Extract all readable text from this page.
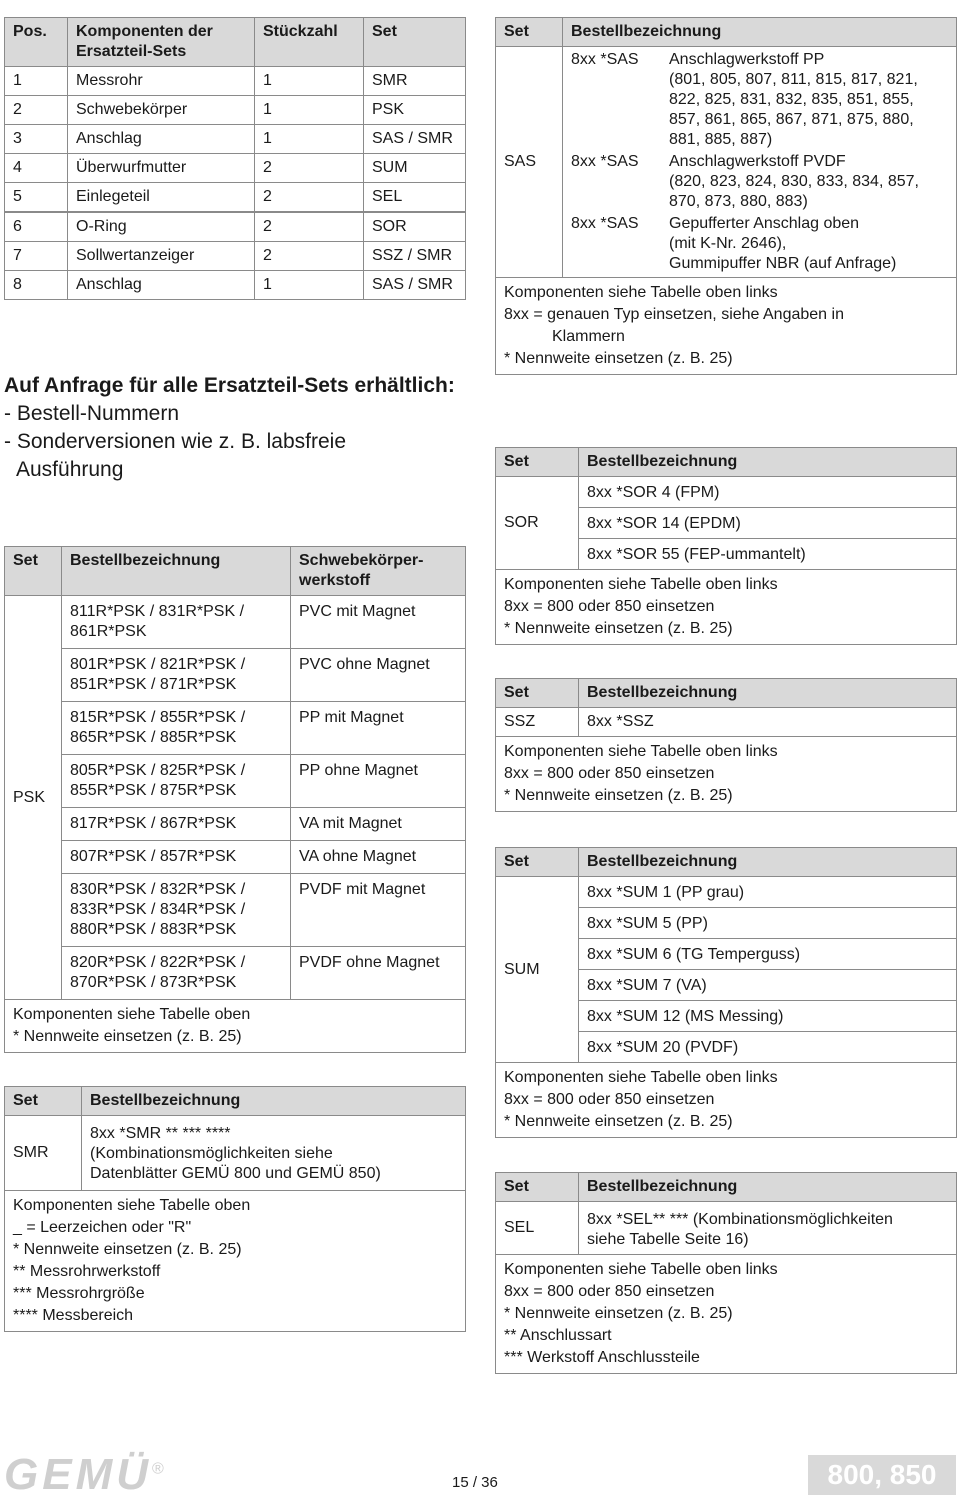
Pos.	Komponenten der Ersatzteil-Sets	Stückzahl	Set
1	Messrohr	1	SMR
2	Schwebekörper	1	PSK
3	Anschlag	1	SAS / SMR
4	Überwurfmutter	2	SUM
5	Einlegeteil	2	SEL
6	O-Ring	2	SOR
7	Sollwertanzeiger	2	SSZ / SMR
8	Anschlag	1	SAS / SMR
Auf Anfrage für alle Ersatzteil-Sets erhältlich:
- Bestell-Nummern
- Sonderversionen wie z. B. labsfreie
Ausführung
Set	Bestellbezeichnung	Schwebekörper-werkstoff
PSK	811R*PSK / 831R*PSK / 861R*PSK	PVC mit Magnet
	801R*PSK / 821R*PSK / 851R*PSK / 871R*PSK	PVC ohne Magnet
	815R*PSK / 855R*PSK / 865R*PSK / 885R*PSK	PP mit Magnet
	805R*PSK / 825R*PSK / 855R*PSK / 875R*PSK	PP ohne Magnet
	817R*PSK / 867R*PSK	VA mit Magnet
	807R*PSK / 857R*PSK	VA ohne Magnet
	830R*PSK / 832R*PSK / 833R*PSK / 834R*PSK / 880R*PSK / 883R*PSK	PVDF mit Magnet
	820R*PSK / 822R*PSK / 870R*PSK / 873R*PSK	PVDF ohne Magnet
Komponenten siehe Tabelle oben
* Nennweite einsetzen (z. B. 25)
Set	Bestellbezeichnung
SMR	8xx *SMR ** *** ****
(Kombinationsmöglichkeiten siehe
Datenblätter GEMÜ 800 und GEMÜ 850)
Komponenten siehe Tabelle oben
_ = Leerzeichen oder "R"
* Nennweite einsetzen (z. B. 25)
** Messrohrwerkstoff
*** Messrohrgröße
**** Messbereich
Set	Bestellbezeichnung
SAS	
8xx *SAS	Anschlagwerkstoff PP
(801, 805, 807, 811, 815, 817, 821,
822, 825, 831, 832, 835, 851, 855,
857, 861, 865, 867, 871, 875, 880,
881, 885, 887)

8xx *SAS	Anschlagwerkstoff PVDF
(820, 823, 824, 830, 833, 834, 857,
870, 873, 880, 883)

8xx *SAS	Gepufferter Anschlag oben
(mit K-Nr. 2646),
Gummipuffer NBR (auf Anfrage)
Komponenten siehe Tabelle oben links
8xx = genauen Typ einsetzen, siehe Angaben in
Klammern
* Nennweite einsetzen (z. B. 25)
Set	Bestellbezeichnung
SOR	8xx *SOR 4 (FPM)
	8xx *SOR 14 (EPDM)
	8xx *SOR 55 (FEP-ummantelt)
Komponenten siehe Tabelle oben links
8xx = 800 oder 850 einsetzen
* Nennweite einsetzen (z. B. 25)
Set	Bestellbezeichnung
SSZ	8xx *SSZ
Komponenten siehe Tabelle oben links
8xx = 800 oder 850 einsetzen
* Nennweite einsetzen (z. B. 25)
Set	Bestellbezeichnung
SUM	8xx *SUM 1 (PP grau)
	8xx *SUM 5 (PP)
	8xx *SUM 6 (TG Temperguss)
	8xx *SUM 7 (VA)
	8xx *SUM 12 (MS Messing)
	8xx *SUM 20 (PVDF)
Komponenten siehe Tabelle oben links
8xx = 800 oder 850 einsetzen
* Nennweite einsetzen (z. B. 25)
Set	Bestellbezeichnung
SEL	8xx *SEL** *** (Kombinationsmöglichkeiten
siehe Tabelle Seite 16)
Komponenten siehe Tabelle oben links
8xx = 800 oder 850 einsetzen
* Nennweite einsetzen (z. B. 25)
** Anschlussart
*** Werkstoff Anschlussteile
GEMÜ®
15 / 36	800, 850
